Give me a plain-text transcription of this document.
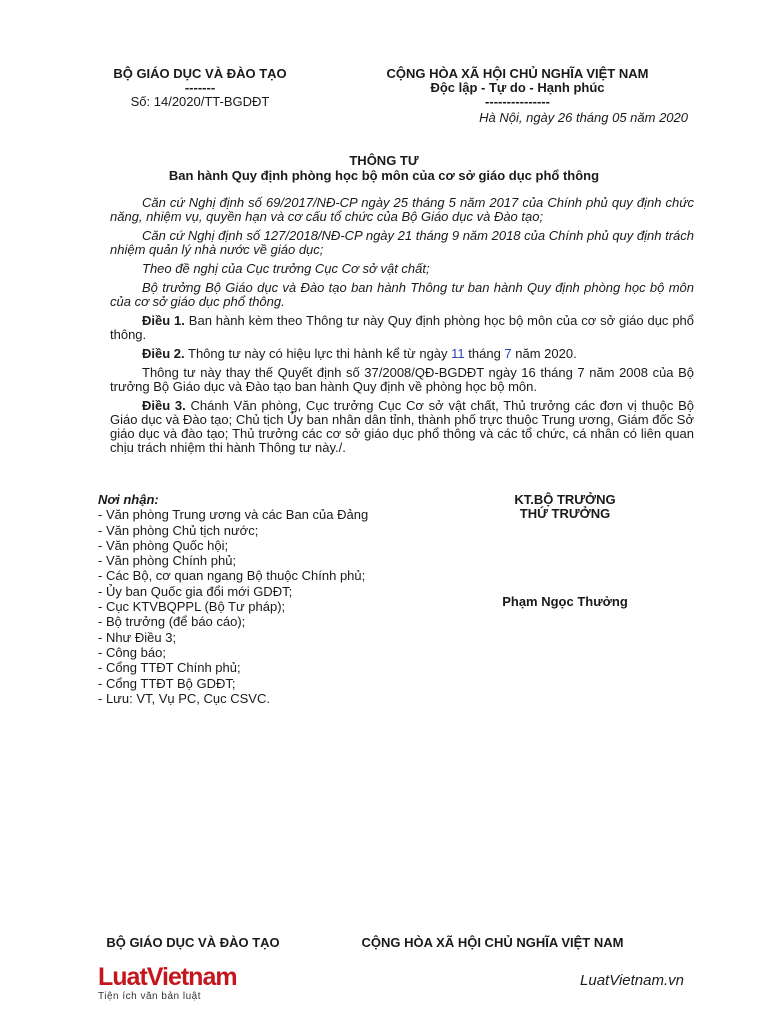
BỘ GIÁO DỤC VÀ ĐÀO TẠO
-------
Số: 14/2020/TT-BGDĐT
CỘNG HÒA XÃ HỘI CHỦ NGHĨA VIỆT NAM
Độc lập - Tự do - Hạnh phúc
---------------
Hà Nội, ngày 26 tháng 05 năm 2020
THÔNG TƯ
Ban hành Quy định phòng học bộ môn của cơ sở giáo dục phổ thông

Căn cứ Nghị định số 69/2017/NĐ-CP ngày 25 tháng 5 năm 2017 của Chính phủ quy định chức năng, nhiệm vụ, quyền hạn và cơ cấu tổ chức của Bộ Giáo dục và Đào tạo;

Căn cứ Nghị định số 127/2018/NĐ-CP ngày 21 tháng 9 năm 2018 của Chính phủ quy định trách nhiệm quản lý nhà nước về giáo dục;

Theo đề nghị của Cục trưởng Cục Cơ sở vật chất;

Bộ trưởng Bộ Giáo dục và Đào tạo ban hành Thông tư ban hành Quy định phòng học bộ môn của cơ sở giáo dục phổ thông.

Điều 1. Ban hành kèm theo Thông tư này Quy định phòng học bộ môn của cơ sở giáo dục phổ thông.

Điều 2. Thông tư này có hiệu lực thi hành kể từ ngày 11 tháng 7 năm 2020.

Thông tư này thay thế Quyết định số 37/2008/QĐ-BGDĐT ngày 16 tháng 7 năm 2008 của Bộ trưởng Bộ Giáo dục và Đào tạo ban hành Quy định về phòng học bộ môn.

Điều 3. Chánh Văn phòng, Cục trưởng Cục Cơ sở vật chất, Thủ trưởng các đơn vị thuộc Bộ Giáo dục và Đào tạo; Chủ tịch Ủy ban nhân dân tỉnh, thành phố trực thuộc Trung ương, Giám đốc Sở giáo dục và đào tạo; Thủ trưởng các cơ sở giáo dục phổ thông và các tổ chức, cá nhân có liên quan chịu trách nhiệm thi hành Thông tư này./.

Nơi nhận:
- Văn phòng Trung ương và các Ban của Đảng
- Văn phòng Chủ tịch nước;
- Văn phòng Quốc hội;
- Văn phòng Chính phủ;
- Các Bộ, cơ quan ngang Bộ thuộc Chính phủ;
- Ủy ban Quốc gia đổi mới GDĐT;
- Cục KTVBQPPL (Bộ Tư pháp);
- Bộ trưởng (để báo cáo);
- Như Điều 3;
- Công báo;
- Cổng TTĐT Chính phủ;
- Cổng TTĐT Bộ GDĐT;
- Lưu: VT, Vụ PC, Cục CSVC.
KT.BỘ TRƯỞNG
THỨ TRƯỞNG
Phạm Ngọc Thưởng
BỘ GIÁO DỤC VÀ ĐÀO TẠO	CỘNG HÒA XÃ HỘI CHỦ NGHĨA VIỆT NAM
LuatVietnam
Tiện ích văn bản luật
LuatVietnam.vn
